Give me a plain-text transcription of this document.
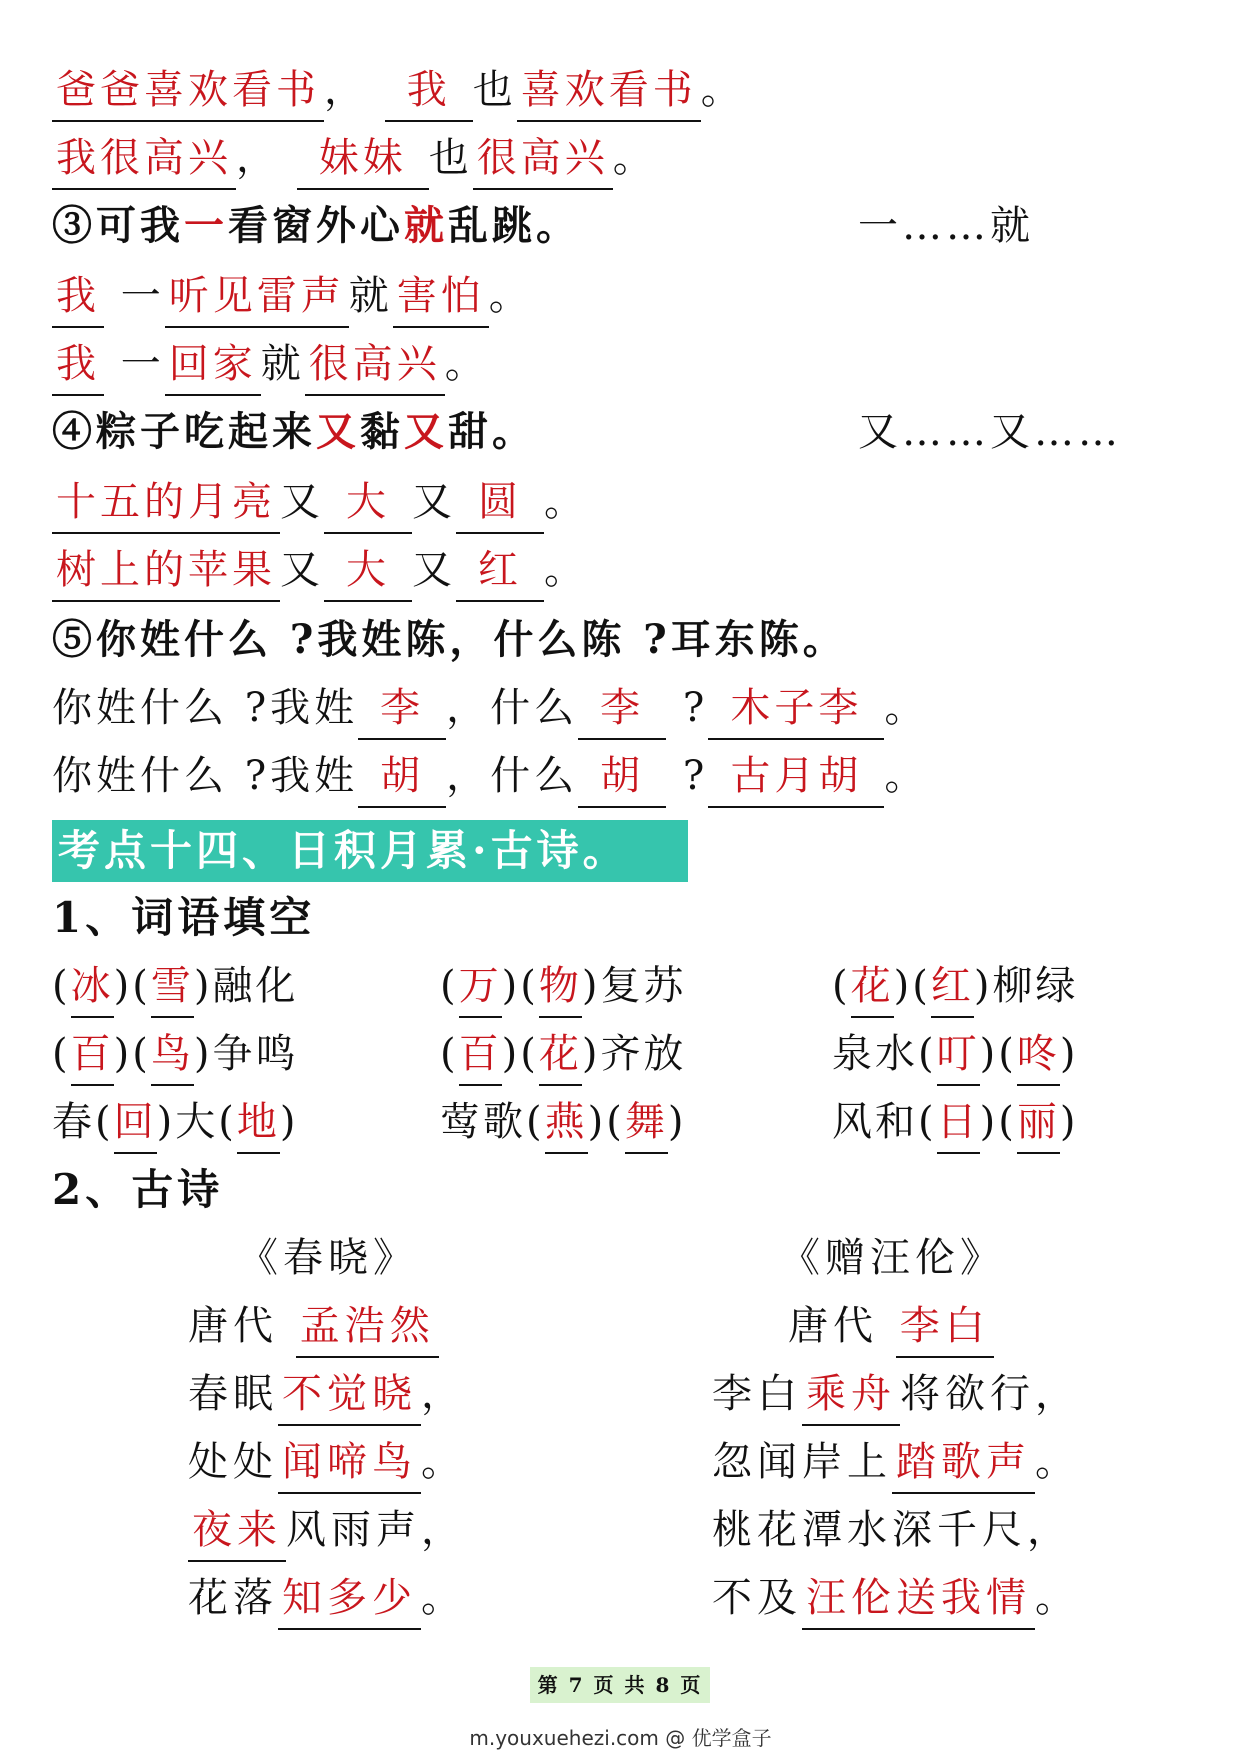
爸爸喜欢看书 ， 我 也 喜欢看书 。
我很高兴 ， 妹妹 也 很高兴 。
③可我一看窗外心就乱跳。	一……就
我 一 听见雷声 就 害怕 。
我 一 回家 就 很高兴 。
④粽子吃起来又黏又甜。	又……又……
十五的月亮 又 大 又 圆 。
树上的苹果 又 大 又 红 。
⑤你姓什么 ?我姓陈，什么陈 ?耳东陈。
你姓什么 ?我姓 李 ，什么 李 ? 木子李 。
你姓什么 ?我姓 胡 ，什么 胡 ? 古月胡 。
考点十四、日积月累·古诗。
1、词语填空
(冰)(雪)融化	(万)(物)复苏	(花)(红)柳绿
(百)(鸟)争鸣	(百)(花)齐放	泉水(叮)(咚)
春(回)大(地)	莺歌(燕)(舞)	风和(日)(丽)
2、古诗
《春晓》
唐代 孟浩然
春眠 不觉晓 ，
处处 闻啼鸟 。
夜来 风雨声，
花落 知多少 。
《赠汪伦》
唐代 李白
李白 乘舟 将欲行，
忽闻岸上 踏歌声 。
桃花潭水深千尺，
不及 汪伦送我情 。
第 7 页 共 8 页
m.youxuehezi.com @ 优学盒子
